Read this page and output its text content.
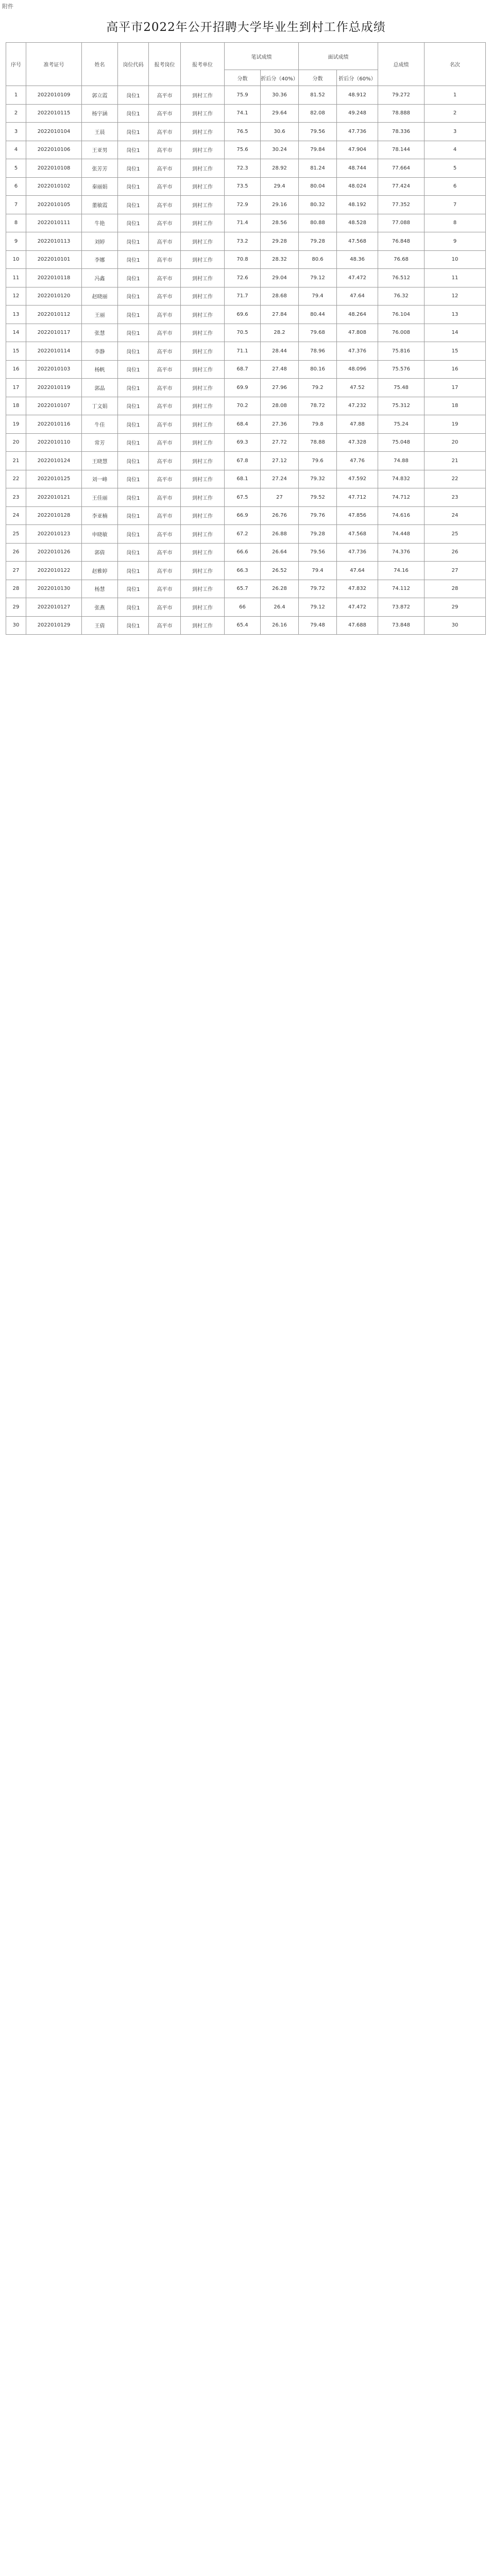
附件
高平市2022年公开招聘大学毕业生到村工作总成绩
序号	准考证号	姓名	岗位代码	报考岗位	报考单位	笔试成绩		面试成绩		总成绩	名次
						分数	折后分（40%）	分数	折后分（60%）		
1	2022010109	郭立霞	岗位1	高平市	到村工作	75.9	30.36	81.52	48.912	79.272	1
2	2022010115	杨宇涵	岗位1	高平市	到村工作	74.1	29.64	82.08	49.248	78.888	2
3	2022010104	王晨	岗位1	高平市	到村工作	76.5	30.6	79.56	47.736	78.336	3
4	2022010106	王亚男	岗位1	高平市	到村工作	75.6	30.24	79.84	47.904	78.144	4
5	2022010108	张芳芳	岗位1	高平市	到村工作	72.3	28.92	81.24	48.744	77.664	5
6	2022010102	秦丽娟	岗位1	高平市	到村工作	73.5	29.4	80.04	48.024	77.424	6
7	2022010105	董敏霞	岗位1	高平市	到村工作	72.9	29.16	80.32	48.192	77.352	7
8	2022010111	牛艳	岗位1	高平市	到村工作	71.4	28.56	80.88	48.528	77.088	8
9	2022010113	刘婷	岗位1	高平市	到村工作	73.2	29.28	79.28	47.568	76.848	9
10	2022010101	李娜	岗位1	高平市	到村工作	70.8	28.32	80.6	48.36	76.68	10
11	2022010118	冯鑫	岗位1	高平市	到村工作	72.6	29.04	79.12	47.472	76.512	11
12	2022010120	赵晓丽	岗位1	高平市	到村工作	71.7	28.68	79.4	47.64	76.32	12
13	2022010112	王丽	岗位1	高平市	到村工作	69.6	27.84	80.44	48.264	76.104	13
14	2022010117	张慧	岗位1	高平市	到村工作	70.5	28.2	79.68	47.808	76.008	14
15	2022010114	李静	岗位1	高平市	到村工作	71.1	28.44	78.96	47.376	75.816	15
16	2022010103	杨帆	岗位1	高平市	到村工作	68.7	27.48	80.16	48.096	75.576	16
17	2022010119	郭晶	岗位1	高平市	到村工作	69.9	27.96	79.2	47.52	75.48	17
18	2022010107	丁文娟	岗位1	高平市	到村工作	70.2	28.08	78.72	47.232	75.312	18
19	2022010116	牛佳	岗位1	高平市	到村工作	68.4	27.36	79.8	47.88	75.24	19
20	2022010110	常芳	岗位1	高平市	到村工作	69.3	27.72	78.88	47.328	75.048	20
21	2022010124	王晓慧	岗位1	高平市	到村工作	67.8	27.12	79.6	47.76	74.88	21
22	2022010125	刘一峰	岗位1	高平市	到村工作	68.1	27.24	79.32	47.592	74.832	22
23	2022010121	王佳丽	岗位1	高平市	到村工作	67.5	27	79.52	47.712	74.712	23
24	2022010128	李亚楠	岗位1	高平市	到村工作	66.9	26.76	79.76	47.856	74.616	24
25	2022010123	申晓敏	岗位1	高平市	到村工作	67.2	26.88	79.28	47.568	74.448	25
26	2022010126	郭倩	岗位1	高平市	到村工作	66.6	26.64	79.56	47.736	74.376	26
27	2022010122	赵雅婷	岗位1	高平市	到村工作	66.3	26.52	79.4	47.64	74.16	27
28	2022010130	杨慧	岗位1	高平市	到村工作	65.7	26.28	79.72	47.832	74.112	28
29	2022010127	张燕	岗位1	高平市	到村工作	66	26.4	79.12	47.472	73.872	29
30	2022010129	王倩	岗位1	高平市	到村工作	65.4	26.16	79.48	47.688	73.848	30
